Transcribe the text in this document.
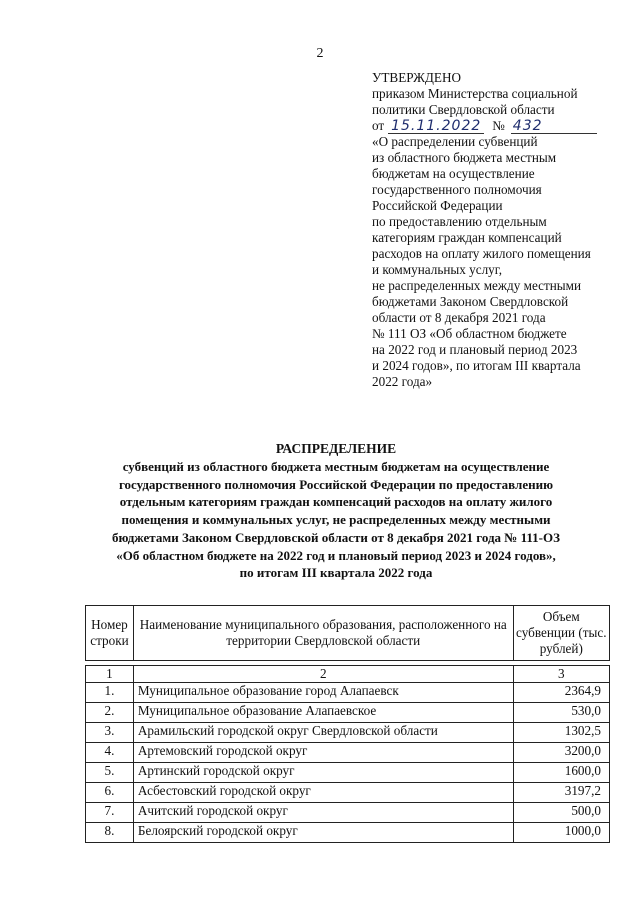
2
УТВЕРЖДЕНО
приказом Министерства социальной
политики Свердловской области
от 15.11.2022 № 432
«О распределении субвенций
из областного бюджета местным
бюджетам на осуществление
государственного полномочия
Российской Федерации
по предоставлению отдельным
категориям граждан компенсаций
расходов на оплату жилого помещения
и коммунальных услуг,
не распределенных между местными
бюджетами Законом Свердловской
области от 8 декабря 2021 года
№ 111 ОЗ «Об областном бюджете
на 2022 год и плановый период 2023
и 2024 годов», по итогам III квартала
2022 года»
РАСПРЕДЕЛЕНИЕ
субвенций из областного бюджета местным бюджетам на осуществление
государственного полномочия Российской Федерации по предоставлению
отдельным категориям граждан компенсаций расходов на оплату жилого
помещения и коммунальных услуг, не распределенных между местными
бюджетами Законом Свердловской области от 8 декабря 2021 года № 111-ОЗ
«Об областном бюджете на 2022 год и плановый период 2023 и 2024 годов»,
по итогам III квартала 2022 года
Номер строки	Наименование муниципального образования, расположенного на территории Свердловской области	Объем субвенции (тыс. рублей)

1	2	3
1.	Муниципальное образование город Алапаевск	2364,9
2.	Муниципальное образование Алапаевское	530,0
3.	Арамильский городской округ Свердловской области	1302,5
4.	Артемовский городской округ	3200,0
5.	Артинский городской округ	1600,0
6.	Асбестовский городской округ	3197,2
7.	Ачитский городской округ	500,0
8.	Белоярский городской округ	1000,0
